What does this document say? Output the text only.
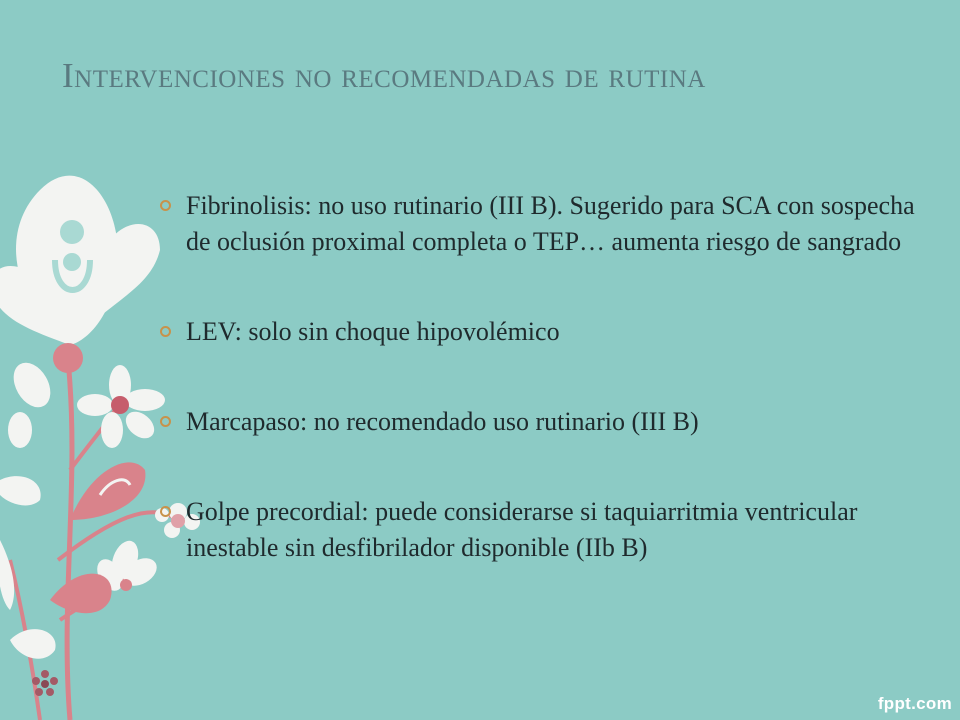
Intervenciones no recomendadas de rutina
Fibrinolisis: no uso rutinario (III B). Sugerido para SCA con sospecha de oclusión proximal completa o TEP… aumenta riesgo de sangrado
LEV: solo sin choque hipovolémico
Marcapaso: no recomendado uso rutinario (III B)
Golpe precordial: puede considerarse si taquiarritmia ventricular inestable sin desfibrilador disponible (IIb B)
fppt.com
